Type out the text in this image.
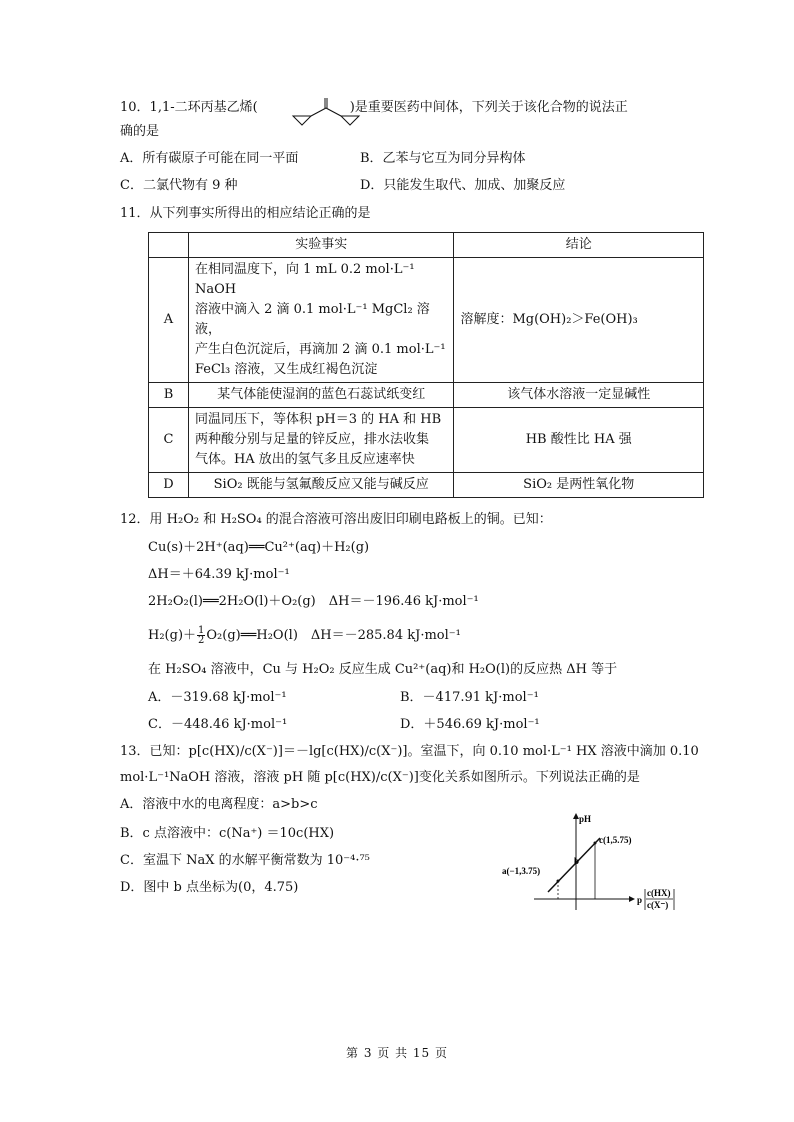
10．1,1-二环丙基乙烯(	)是重要医药中间体，下列关于该化合物的说法正
确的是
A．所有碳原子可能在同一平面	B．乙苯与它互为同分异构体
C．二氯代物有 9 种	D．只能发生取代、加成、加聚反应
11．从下列事实所得出的相应结论正确的是
	实验事实	结论
A	在相同温度下，向 1 mL 0.2 mol·L⁻¹ NaOH
溶液中滴入 2 滴 0.1 mol·L⁻¹ MgCl₂ 溶液，
产生白色沉淀后，再滴加 2 滴 0.1 mol·L⁻¹
FeCl₃ 溶液，又生成红褐色沉淀	溶解度：Mg(OH)₂＞Fe(OH)₃
B	某气体能使湿润的蓝色石蕊试纸变红	该气体水溶液一定显碱性
C	同温同压下，等体积 pH＝3 的 HA 和 HB
两种酸分别与足量的锌反应，排水法收集
气体。HA 放出的氢气多且反应速率快	HB 酸性比 HA 强
D	SiO₂ 既能与氢氟酸反应又能与碱反应	SiO₂ 是两性氧化物
12．用 H₂O₂ 和 H₂SO₄ 的混合溶液可溶出废旧印刷电路板上的铜。已知：
Cu(s)＋2H⁺(aq)══Cu²⁺(aq)＋H₂(g)
ΔH＝＋64.39 kJ·mol⁻¹
2H₂O₂(l)══2H₂O(l)＋O₂(g)　ΔH＝－196.46 kJ·mol⁻¹
$H_2(g)+ \frac{1}{2}$ O₂(g)══H₂O(l)　ΔH＝－285.84 kJ·mol⁻¹
在 H₂SO₄ 溶液中，Cu 与 H₂O₂ 反应生成 Cu²⁺(aq)和 H₂O(l)的反应热 ΔH 等于
A．－319.68 kJ·mol⁻¹	B．－417.91 kJ·mol⁻¹
C．－448.46 kJ·mol⁻¹	D．＋546.69 kJ·mol⁻¹
13．已知：p[c(HX)/c(X⁻)]＝－lg[c(HX)/c(X⁻)]。室温下，向 0.10 mol·L⁻¹ HX 溶液中滴加 0.10
mol·L⁻¹NaOH 溶液，溶液 pH 随 p[c(HX)/c(X⁻)]变化关系如图所示。下列说法正确的是
A．溶液中水的电离程度：a>b>c
B．c 点溶液中：c(Na⁺) ＝10c(HX)
C．室温下 NaX 的水解平衡常数为 10⁻⁴·⁷⁵
D．图中 b 点坐标为(0，4.75)
pH
a(−1,3.75)
b
c(1,5.75)
p
c(HX)
c(X⁻)
第 3 页 共 15 页
